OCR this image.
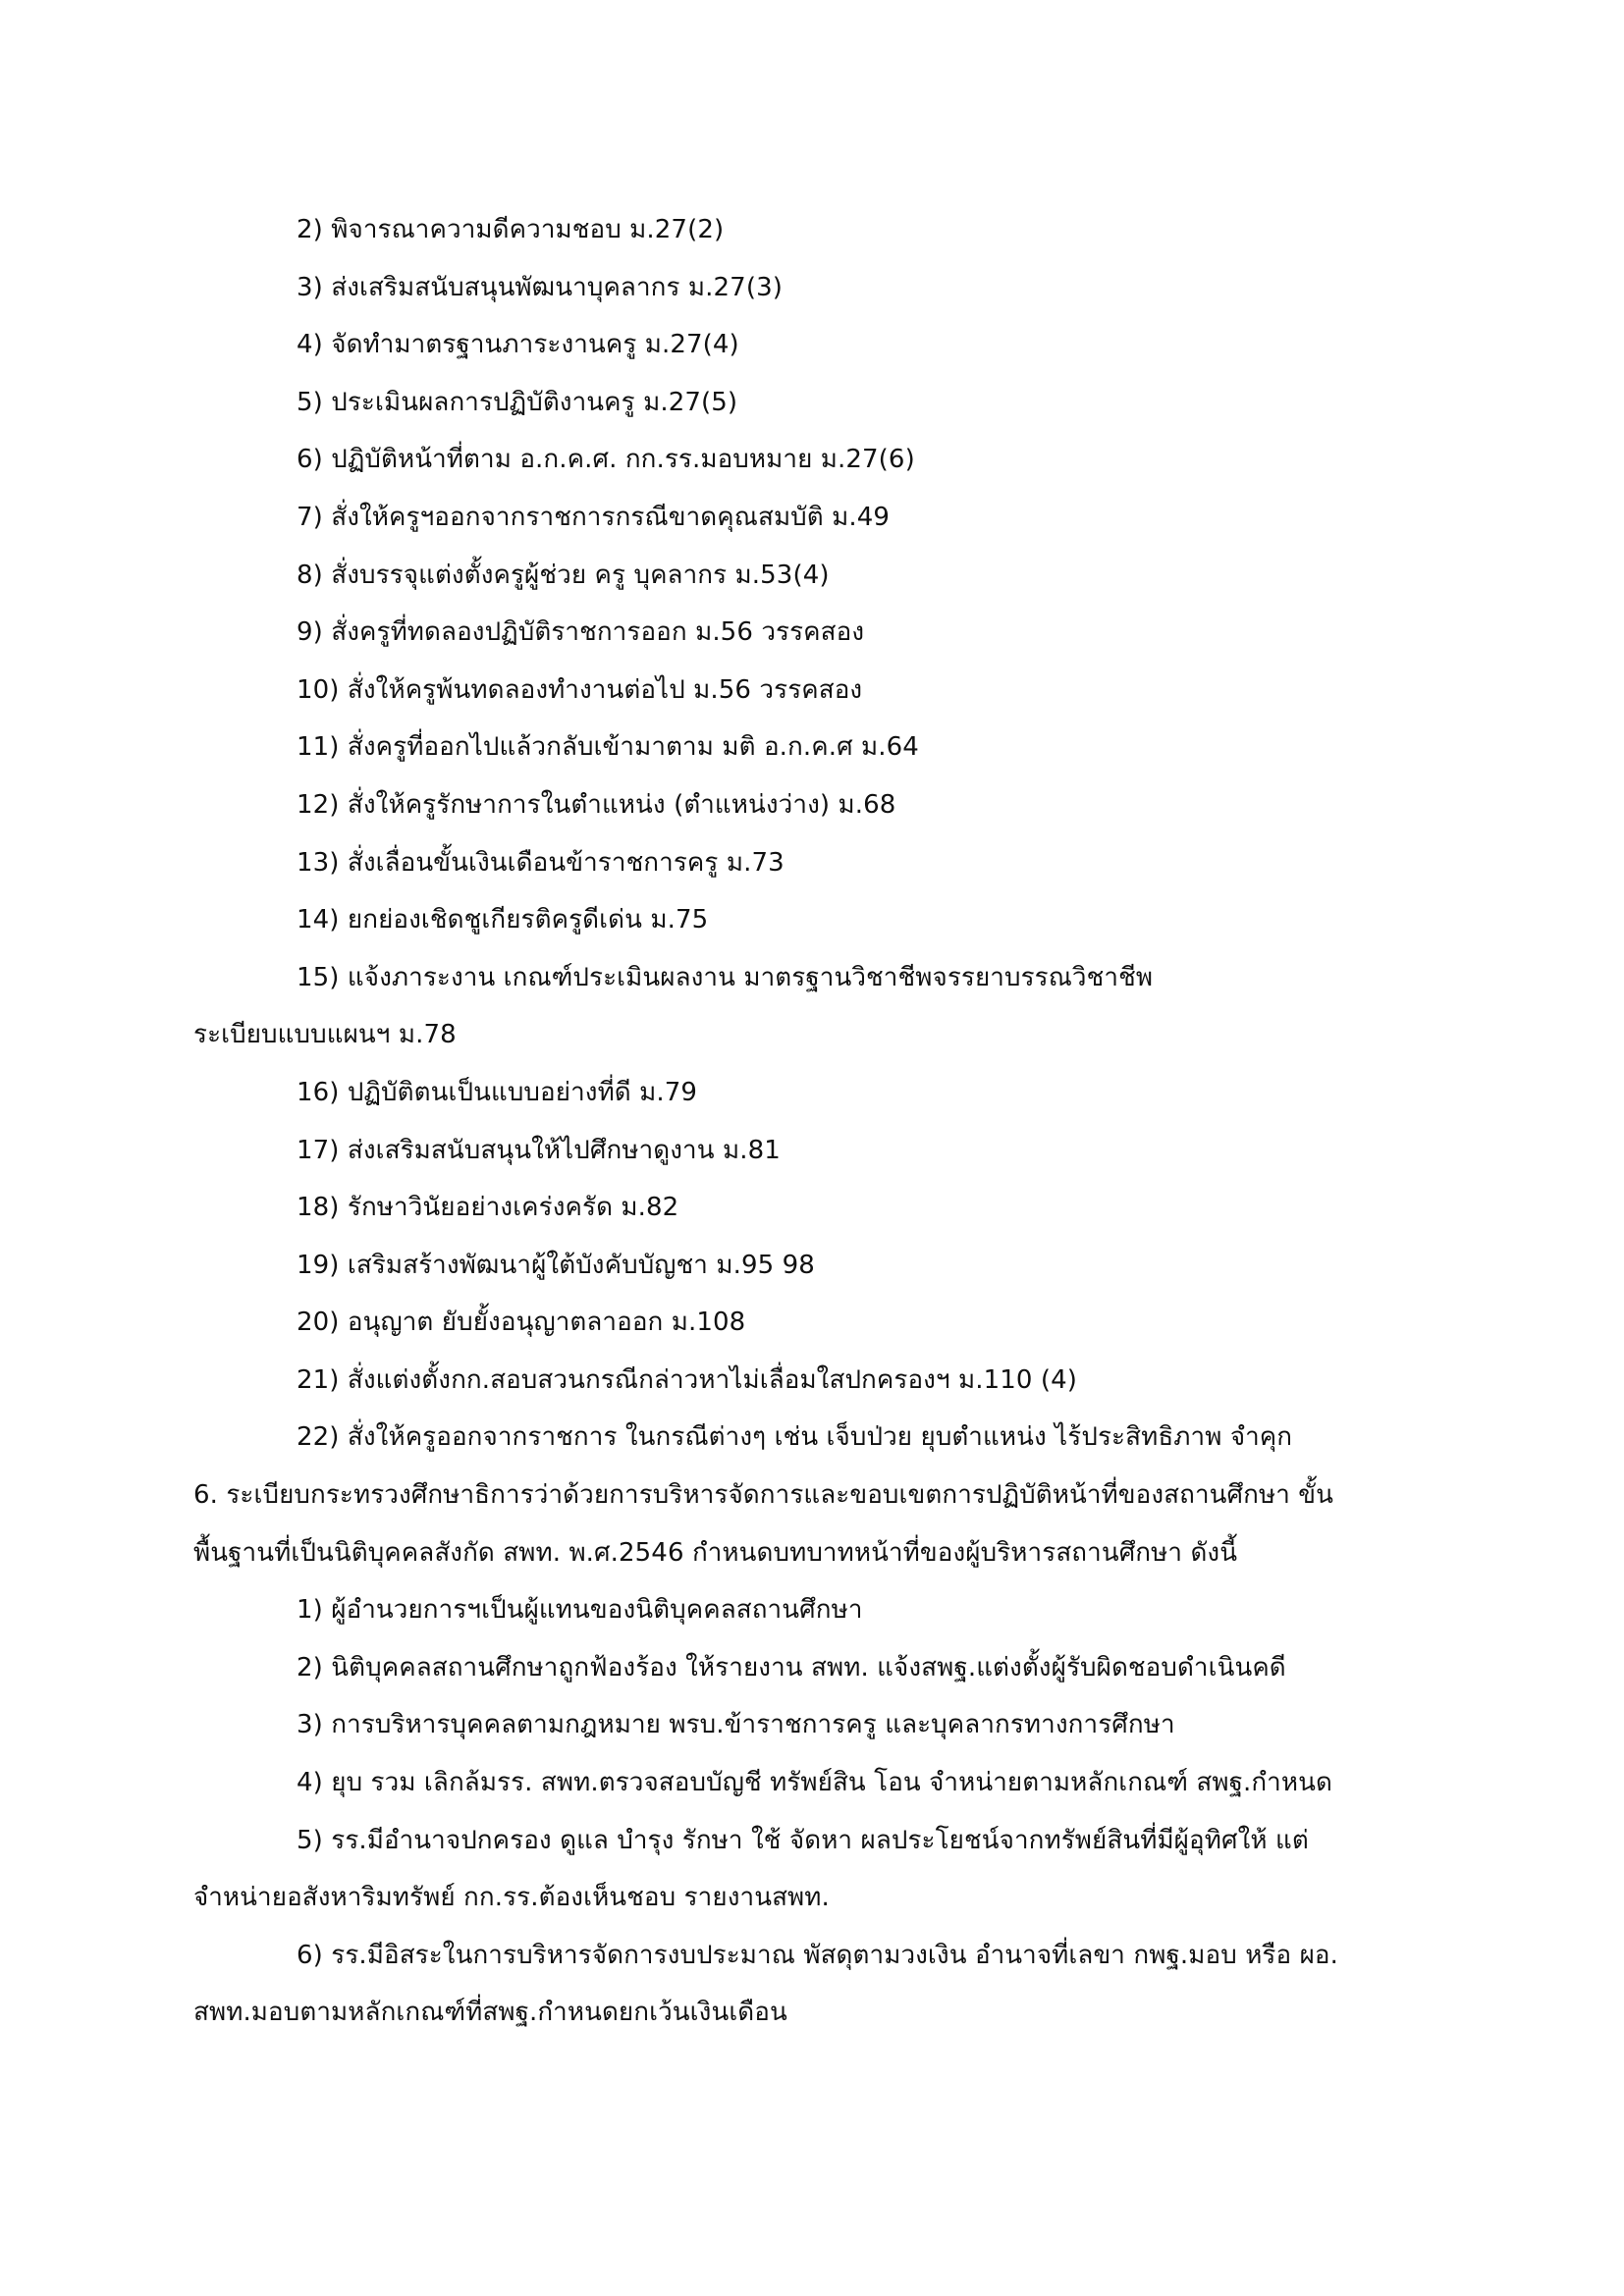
2) พิจารณาความดีความชอบ ม.27(2)
3) ส่งเสริมสนับสนุนพัฒนาบุคลากร ม.27(3)
4) จัดทำมาตรฐานภาระงานครู ม.27(4)
5) ประเมินผลการปฏิบัติงานครู ม.27(5)
6) ปฏิบัติหน้าที่ตาม อ.ก.ค.ศ. กก.รร.มอบหมาย ม.27(6)
7) สั่งให้ครูฯออกจากราชการกรณีขาดคุณสมบัติ ม.49
8) สั่งบรรจุแต่งตั้งครูผู้ช่วย ครู บุคลากร ม.53(4)
9) สั่งครูที่ทดลองปฏิบัติราชการออก ม.56 วรรคสอง
10) สั่งให้ครูพ้นทดลองทำงานต่อไป ม.56 วรรคสอง
11) สั่งครูที่ออกไปแล้วกลับเข้ามาตาม มติ อ.ก.ค.ศ ม.64
12) สั่งให้ครูรักษาการในตำแหน่ง (ตำแหน่งว่าง) ม.68
13) สั่งเลื่อนขั้นเงินเดือนข้าราชการครู ม.73
14) ยกย่องเชิดชูเกียรติครูดีเด่น ม.75
15) แจ้งภาระงาน เกณฑ์ประเมินผลงาน มาตรฐานวิชาชีพจรรยาบรรณวิชาชีพ
ระเบียบแบบแผนฯ ม.78
16) ปฏิบัติตนเป็นแบบอย่างที่ดี ม.79
17) ส่งเสริมสนับสนุนให้ไปศึกษาดูงาน ม.81
18) รักษาวินัยอย่างเคร่งครัด ม.82
19) เสริมสร้างพัฒนาผู้ใต้บังคับบัญชา ม.95 98
20) อนุญาต ยับยั้งอนุญาตลาออก ม.108
21) สั่งแต่งตั้งกก.สอบสวนกรณีกล่าวหาไม่เลื่อมใสปกครองฯ ม.110 (4)
22) สั่งให้ครูออกจากราชการ ในกรณีต่างๆ เช่น เจ็บป่วย ยุบตำแหน่ง ไร้ประสิทธิภาพ จำคุก
6. ระเบียบกระทรวงศึกษาธิการว่าด้วยการบริหารจัดการและขอบเขตการปฏิบัติหน้าที่ของสถานศึกษา ขั้น
พื้นฐานที่เป็นนิติบุคคลสังกัด สพท. พ.ศ.2546 กำหนดบทบาทหน้าที่ของผู้บริหารสถานศึกษา ดังนี้
1) ผู้อำนวยการฯเป็นผู้แทนของนิติบุคคลสถานศึกษา
2) นิติบุคคลสถานศึกษาถูกฟ้องร้อง ให้รายงาน สพท. แจ้งสพฐ.แต่งตั้งผู้รับผิดชอบดำเนินคดี
3) การบริหารบุคคลตามกฎหมาย พรบ.ข้าราชการครู และบุคลากรทางการศึกษา
4) ยุบ รวม เลิกล้มรร. สพท.ตรวจสอบบัญชี ทรัพย์สิน โอน จำหน่ายตามหลักเกณฑ์ สพฐ.กำหนด
5) รร.มีอำนาจปกครอง ดูแล บำรุง รักษา ใช้ จัดหา ผลประโยชน์จากทรัพย์สินที่มีผู้อุทิศให้ แต่
จำหน่ายอสังหาริมทรัพย์ กก.รร.ต้องเห็นชอบ รายงานสพท.
6) รร.มีอิสระในการบริหารจัดการงบประมาณ พัสดุตามวงเงิน อำนาจที่เลขา กพฐ.มอบ หรือ ผอ.
สพท.มอบตามหลักเกณฑ์ที่สพฐ.กำหนดยกเว้นเงินเดือน
